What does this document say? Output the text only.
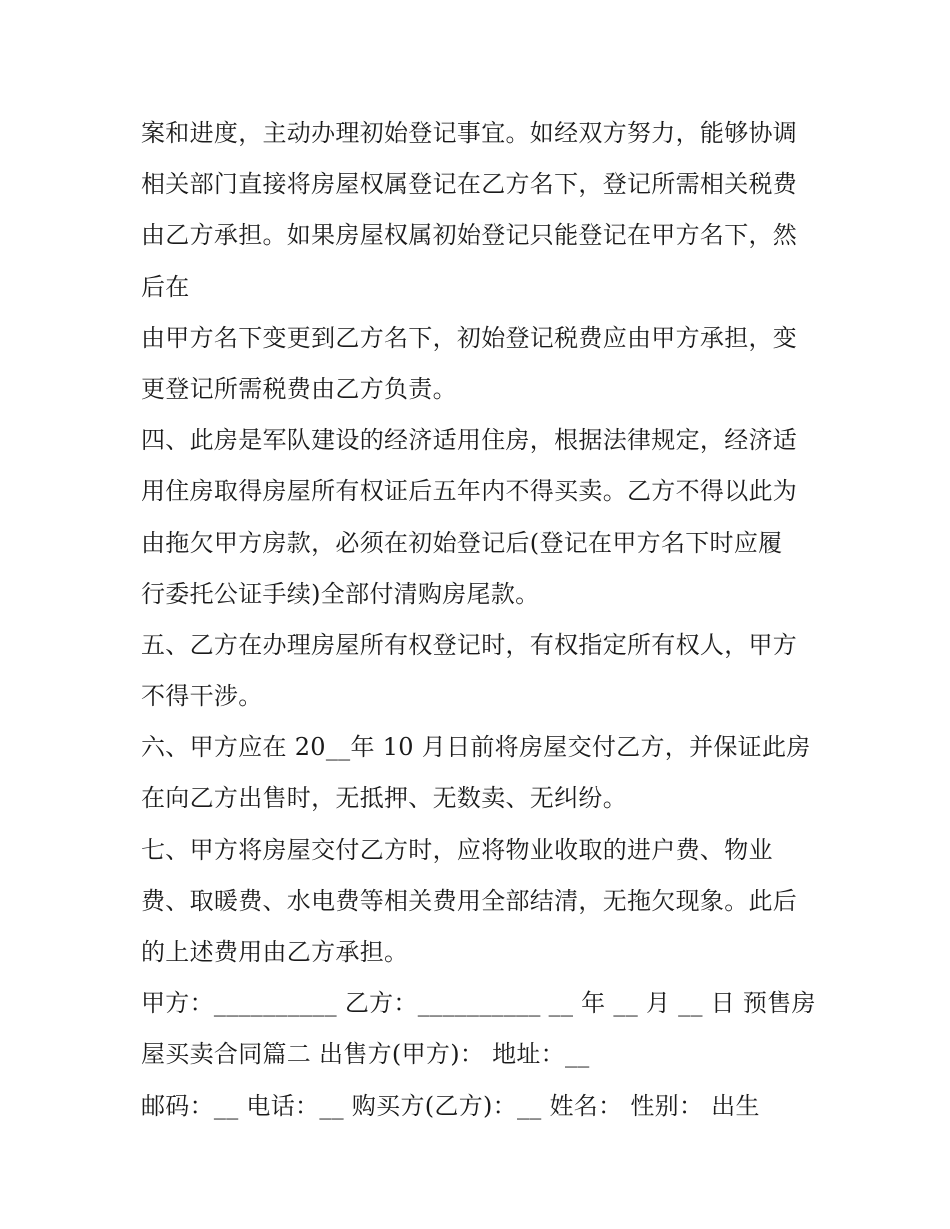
案和进度，主动办理初始登记事宜。如经双方努力，能够协调
相关部门直接将房屋权属登记在乙方名下，登记所需相关税费
由乙方承担。如果房屋权属初始登记只能登记在甲方名下，然
后在
由甲方名下变更到乙方名下，初始登记税费应由甲方承担，变
更登记所需税费由乙方负责。
四、此房是军队建设的经济适用住房，根据法律规定，经济适
用住房取得房屋所有权证后五年内不得买卖。乙方不得以此为
由拖欠甲方房款，必须在初始登记后(登记在甲方名下时应履
行委托公证手续)全部付清购房尾款。
五、乙方在办理房屋所有权登记时，有权指定所有权人，甲方
不得干涉。
六、甲方应在 20__年 10 月日前将房屋交付乙方，并保证此房
在向乙方出售时，无抵押、无数卖、无纠纷。
七、甲方将房屋交付乙方时，应将物业收取的进户费、物业
费、取暖费、水电费等相关费用全部结清，无拖欠现象。此后
的上述费用由乙方承担。
甲方：__________ 乙方：__________ __ 年 __ 月 __ 日 预售房
屋买卖合同篇二 出售方(甲方)： 地址：__
邮码：__ 电话：__ 购买方(乙方)：__ 姓名： 性别： 出生
